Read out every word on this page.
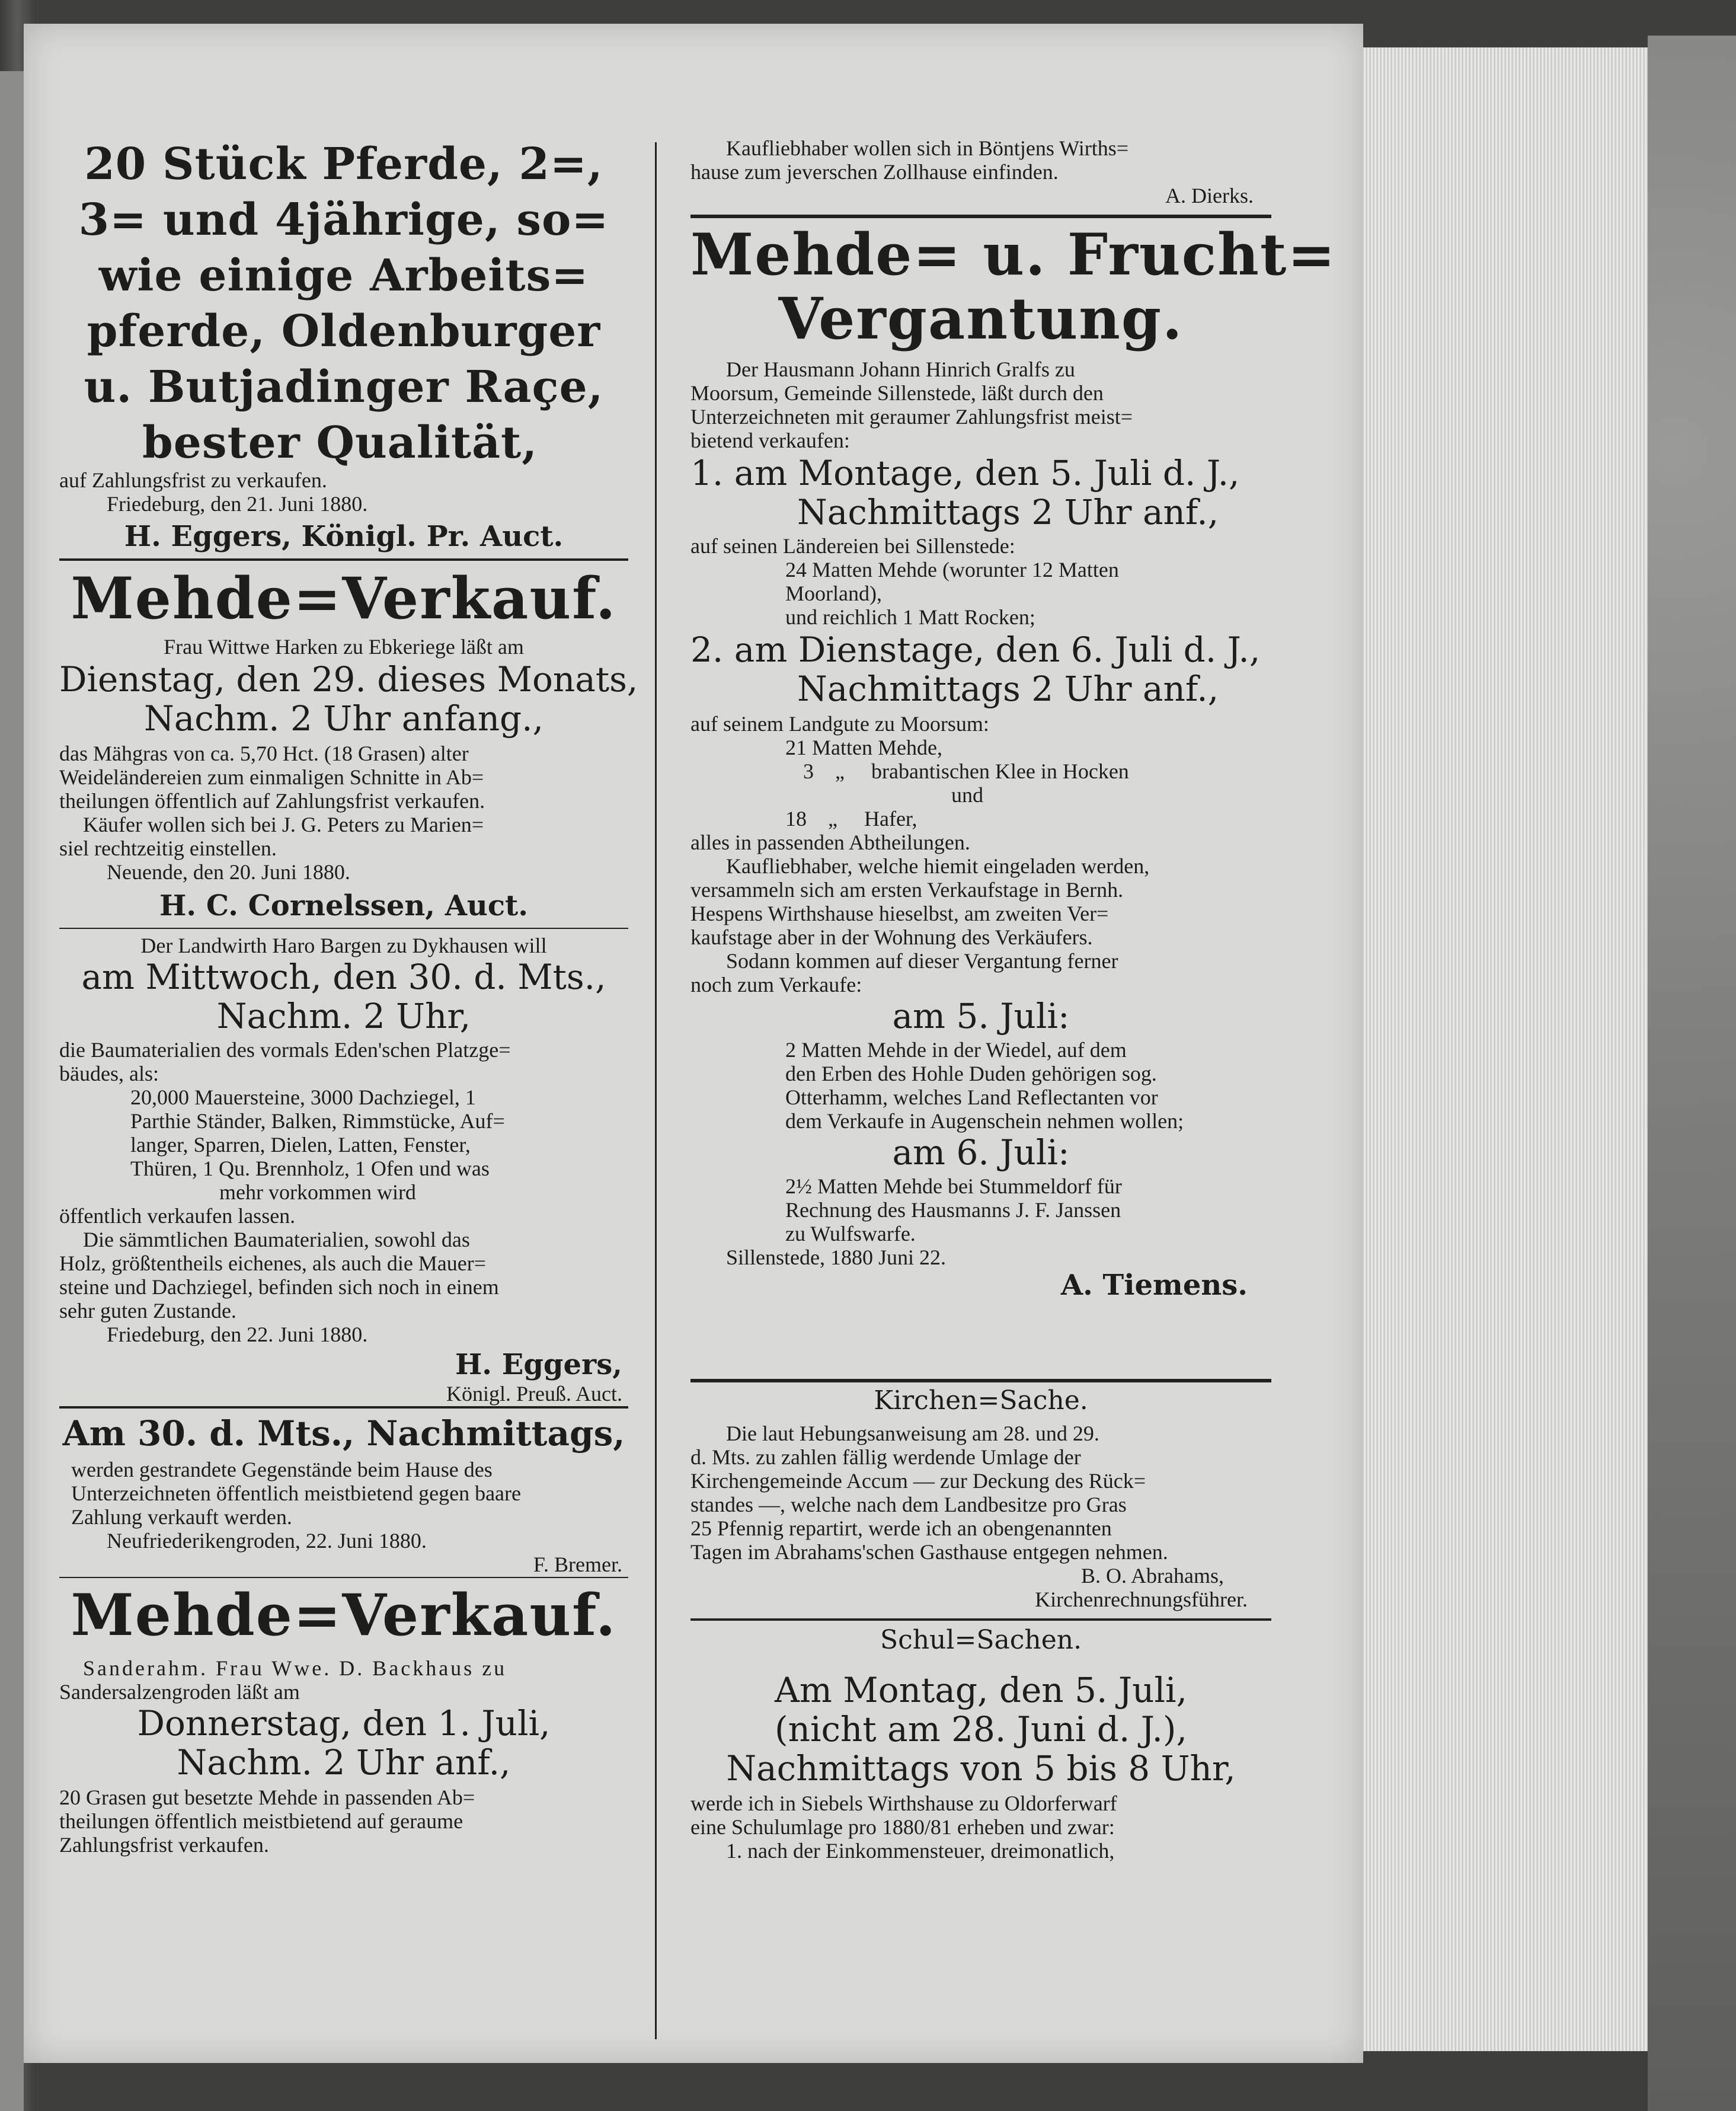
20 Stück Pferde, 2=,
3= und 4jährige, so=
wie einige Arbeits=
pferde, Oldenburger
u. Butjadinger Raçe,
bester Qualität,
auf Zahlungsfrist zu verkaufen.
Friedeburg, den 21. Juni 1880.
H. Eggers, Königl. Pr. Auct.
Mehde=Verkauf.
Frau Wittwe Harken zu Ebkeriege läßt am
Dienstag, den 29. dieses Monats,
Nachm. 2 Uhr anfang.,
das Mähgras von ca. 5,70 Hct. (18 Grasen) alter
Weideländereien zum einmaligen Schnitte in Ab=
theilungen öffentlich auf Zahlungsfrist verkaufen.
Käufer wollen sich bei J. G. Peters zu Marien=
siel rechtzeitig einstellen.
Neuende, den 20. Juni 1880.
H. C. Cornelssen, Auct.
Der Landwirth Haro Bargen zu Dykhausen will
am Mittwoch, den 30. d. Mts.,
Nachm. 2 Uhr,
die Baumaterialien des vormals Eden'schen Platzge=
bäudes, als:
20,000 Mauersteine, 3000 Dachziegel, 1
Parthie Ständer, Balken, Rimmstücke, Auf=
langer, Sparren, Dielen, Latten, Fenster,
Thüren, 1 Qu. Brennholz, 1 Ofen und was
mehr vorkommen wird
öffentlich verkaufen lassen.
Die sämmtlichen Baumaterialien, sowohl das
Holz, größtentheils eichenes, als auch die Mauer=
steine und Dachziegel, befinden sich noch in einem
sehr guten Zustande.
Friedeburg, den 22. Juni 1880.
H. Eggers,
Königl. Preuß. Auct.
Am 30. d. Mts., Nachmittags,
werden gestrandete Gegenstände beim Hause des
Unterzeichneten öffentlich meistbietend gegen baare
Zahlung verkauft werden.
Neufriederikengroden, 22. Juni 1880.
F. Bremer.
Mehde=Verkauf.
Sanderahm. Frau Wwe. D. Backhaus zu
Sandersalzengroden läßt am
Donnerstag, den 1. Juli,
Nachm. 2 Uhr anf.,
20 Grasen gut besetzte Mehde in passenden Ab=
theilungen öffentlich meistbietend auf geraume
Zahlungsfrist verkaufen.
Kaufliebhaber wollen sich in Böntjens Wirths=
hause zum jeverschen Zollhause einfinden.
A. Dierks.
Mehde= u. Frucht=
Vergantung.
Der Hausmann Johann Hinrich Gralfs zu
Moorsum, Gemeinde Sillenstede, läßt durch den
Unterzeichneten mit geraumer Zahlungsfrist meist=
bietend verkaufen:
1. am Montage, den 5. Juli d. J.,
Nachmittags 2 Uhr anf.,
auf seinen Ländereien bei Sillenstede:
24 Matten Mehde (worunter 12 Matten
Moorland),
und reichlich 1 Matt Rocken;
2. am Dienstage, den 6. Juli d. J.,
Nachmittags 2 Uhr anf.,
auf seinem Landgute zu Moorsum:
21 Matten Mehde,
3    „     brabantischen Klee in Hocken
und
18    „     Hafer,
alles in passenden Abtheilungen.
Kaufliebhaber, welche hiemit eingeladen werden,
versammeln sich am ersten Verkaufstage in Bernh.
Hespens Wirthshause hieselbst, am zweiten Ver=
kaufstage aber in der Wohnung des Verkäufers.
Sodann kommen auf dieser Vergantung ferner
noch zum Verkaufe:
am 5. Juli:
2 Matten Mehde in der Wiedel, auf dem
den Erben des Hohle Duden gehörigen sog.
Otterhamm, welches Land Reflectanten vor
dem Verkaufe in Augenschein nehmen wollen;
am 6. Juli:
2½ Matten Mehde bei Stummeldorf für
Rechnung des Hausmanns J. F. Janssen
zu Wulfswarfe.
Sillenstede, 1880 Juni 22.
A. Tiemens.
Kirchen=Sache.
Die laut Hebungsanweisung am 28. und 29.
d. Mts. zu zahlen fällig werdende Umlage der
Kirchengemeinde Accum — zur Deckung des Rück=
standes —, welche nach dem Landbesitze pro Gras
25 Pfennig repartirt, werde ich an obengenannten
Tagen im Abrahams'schen Gasthause entgegen nehmen.
B. O. Abrahams,
Kirchenrechnungsführer.
Schul=Sachen.
Am Montag, den 5. Juli,
(nicht am 28. Juni d. J.),
Nachmittags von 5 bis 8 Uhr,
werde ich in Siebels Wirthshause zu Oldorferwarf
eine Schulumlage pro 1880/81 erheben und zwar:
1. nach der Einkommensteuer, dreimonatlich,
